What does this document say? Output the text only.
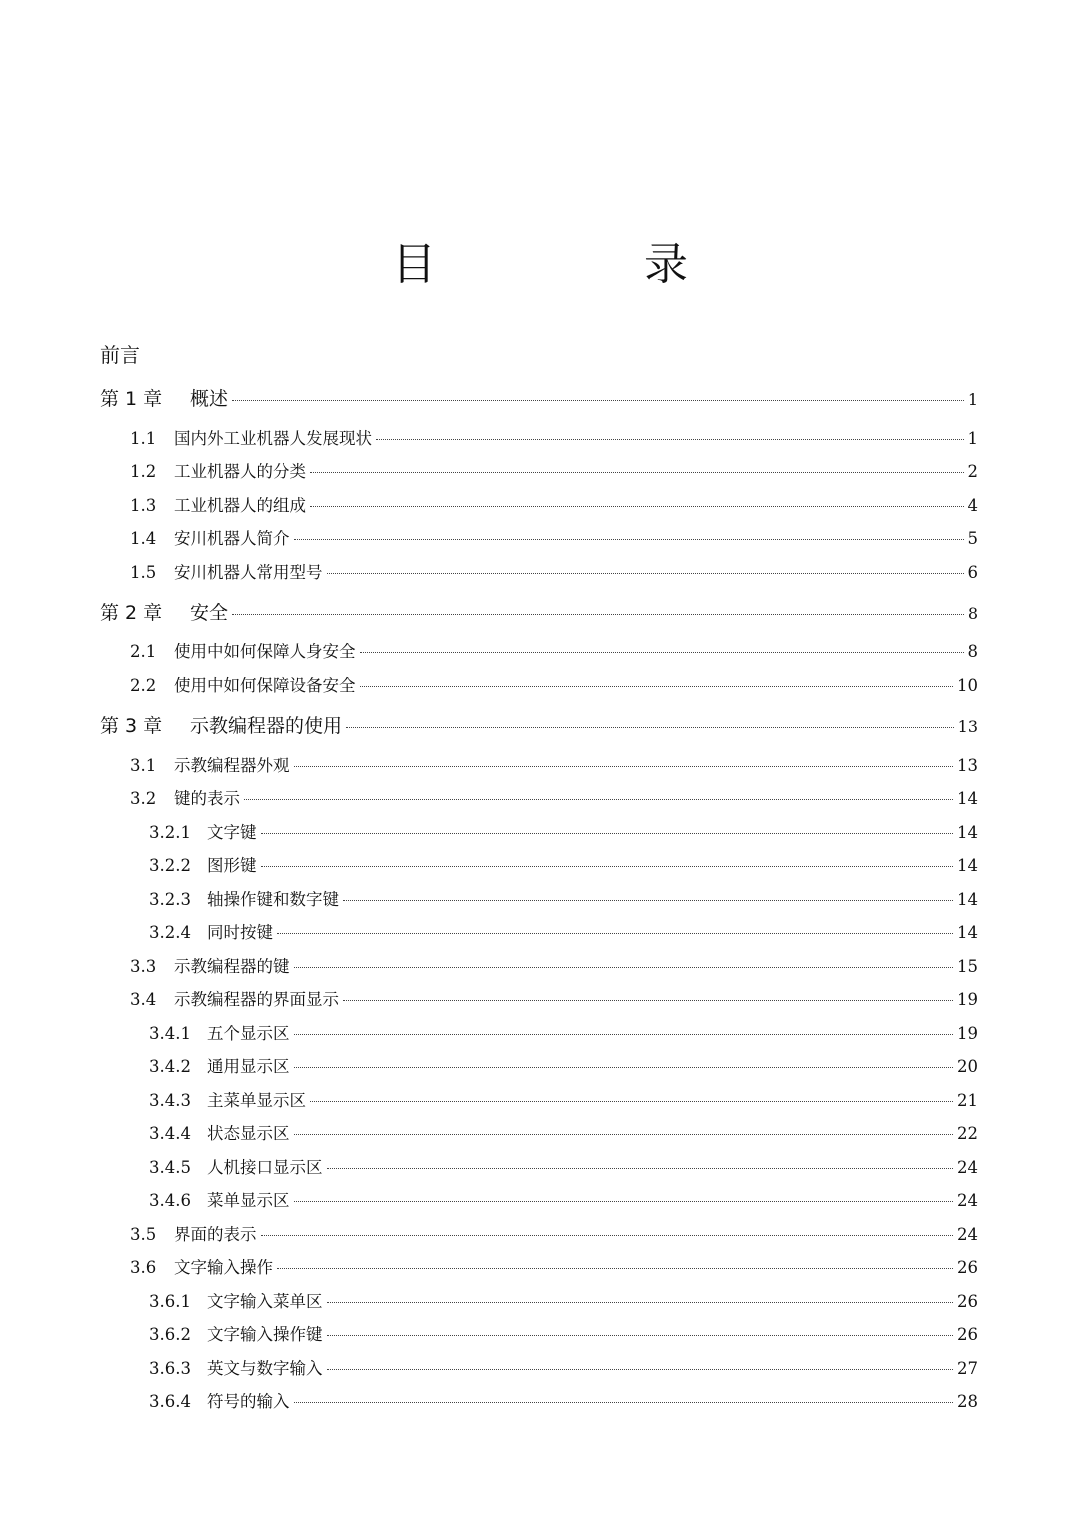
目　录

前言

第 1 章	概述	1
1.1	国内外工业机器人发展现状	1
1.2	工业机器人的分类	2
1.3	工业机器人的组成	4
1.4	安川机器人简介	5
1.5	安川机器人常用型号	6
第 2 章	安全	8
2.1	使用中如何保障人身安全	8
2.2	使用中如何保障设备安全	10
第 3 章	示教编程器的使用	13
3.1	示教编程器外观	13
3.2	键的表示	14
3.2.1 文字键	14
3.2.2 图形键	14
3.2.3 轴操作键和数字键	14
3.2.4 同时按键	14
3.3	示教编程器的键	15
3.4	示教编程器的界面显示	19
3.4.1 五个显示区	19
3.4.2 通用显示区	20
3.4.3 主菜单显示区	21
3.4.4 状态显示区	22
3.4.5 人机接口显示区	24
3.4.6 菜单显示区	24
3.5	界面的表示	24
3.6	文字输入操作	26
3.6.1 文字输入菜单区	26
3.6.2 文字输入操作键	26
3.6.3 英文与数字输入	27
3.6.4 符号的输入	28
